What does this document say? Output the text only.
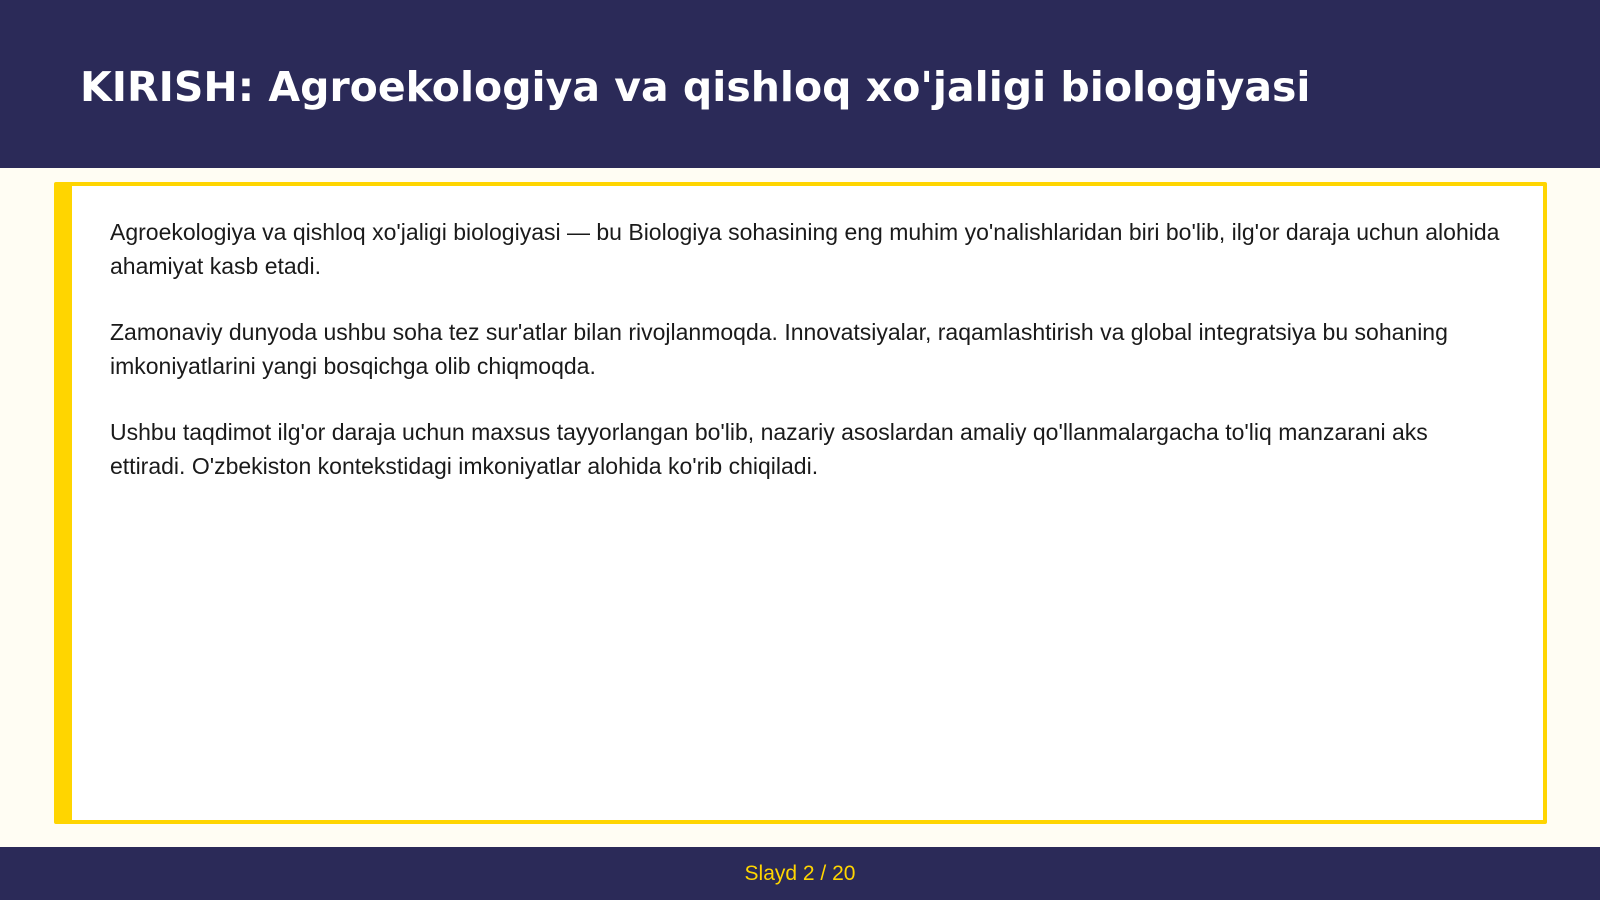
KIRISH: Agroekologiya va qishloq xo'jaligi biologiyasi

Agroekologiya va qishloq xo'jaligi biologiyasi — bu Biologiya sohasining eng muhim yo'nalishlaridan biri bo'lib, ilg'or daraja uchun alohida ahamiyat kasb etadi.

Zamonaviy dunyoda ushbu soha tez sur'atlar bilan rivojlanmoqda. Innovatsiyalar, raqamlashtirish va global integratsiya bu sohaning imkoniyatlarini yangi bosqichga olib chiqmoqda.

Ushbu taqdimot ilg'or daraja uchun maxsus tayyorlangan bo'lib, nazariy asoslardan amaliy qo'llanmalargacha to'liq manzarani aks ettiradi. O'zbekiston kontekstidagi imkoniyatlar alohida ko'rib chiqiladi.

Slayd 2 / 20
